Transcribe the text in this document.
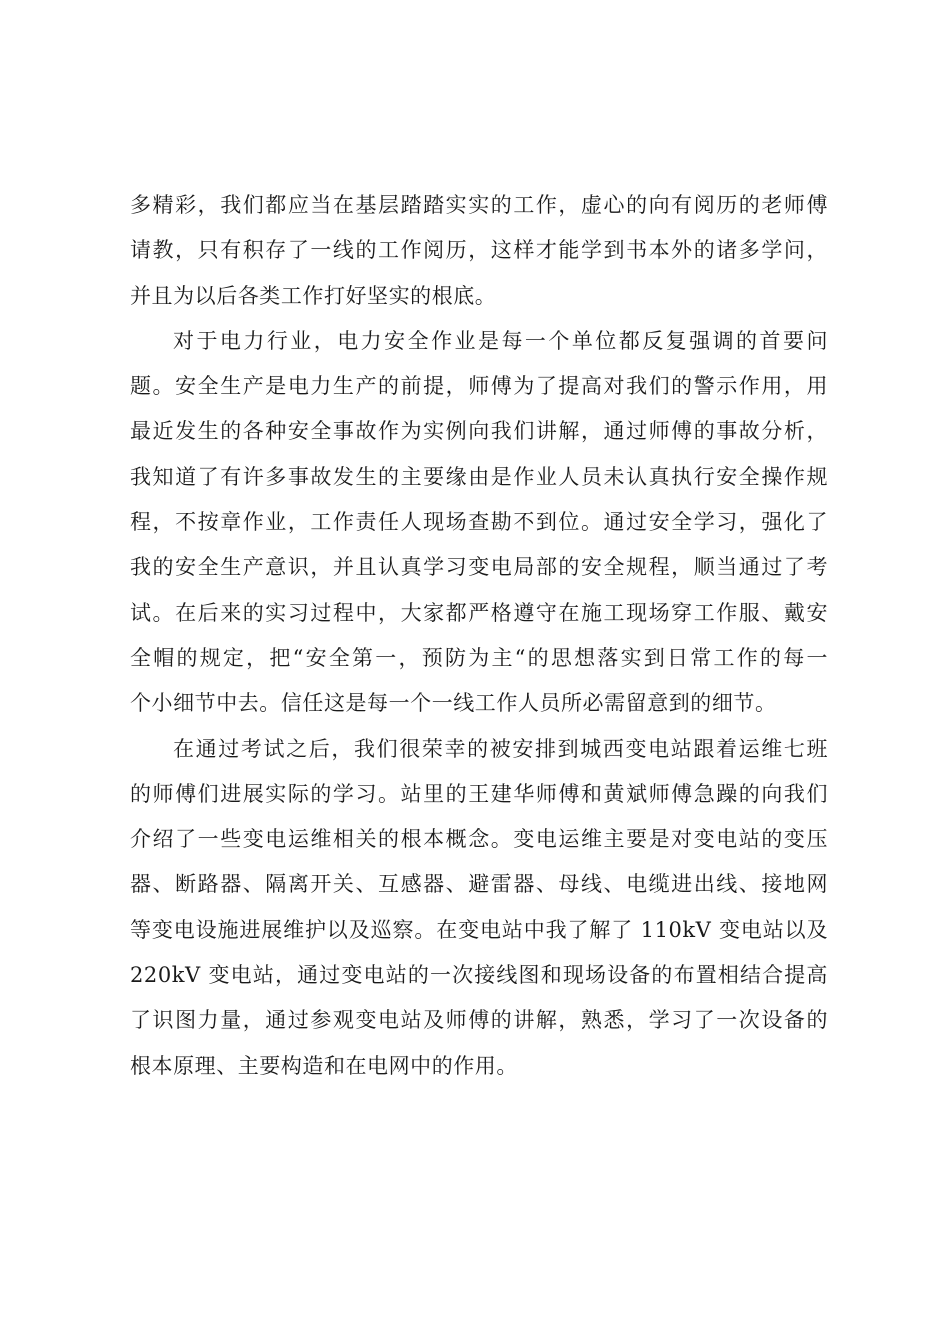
多精彩，我们都应当在基层踏踏实实的工作，虚心的向有阅历的老师傅
请教，只有积存了一线的工作阅历，这样才能学到书本外的诸多学问，
并且为以后各类工作打好坚实的根底。
对于电力行业，电力安全作业是每一个单位都反复强调的首要问
题。安全生产是电力生产的前提，师傅为了提高对我们的警示作用，用
最近发生的各种安全事故作为实例向我们讲解，通过师傅的事故分析，
我知道了有许多事故发生的主要缘由是作业人员未认真执行安全操作规
程，不按章作业，工作责任人现场查勘不到位。通过安全学习，强化了
我的安全生产意识，并且认真学习变电局部的安全规程，顺当通过了考
试。在后来的实习过程中，大家都严格遵守在施工现场穿工作服、戴安
全帽的规定，把“安全第一，预防为主“的思想落实到日常工作的每一
个小细节中去。信任这是每一个一线工作人员所必需留意到的细节。
在通过考试之后，我们很荣幸的被安排到城西变电站跟着运维七班
的师傅们进展实际的学习。站里的王建华师傅和黄斌师傅急躁的向我们
介绍了一些变电运维相关的根本概念。变电运维主要是对变电站的变压
器、断路器、隔离开关、互感器、避雷器、母线、电缆进出线、接地网
等变电设施进展维护以及巡察。在变电站中我了解了 110kV 变电站以及
220kV 变电站，通过变电站的一次接线图和现场设备的布置相结合提高
了识图力量，通过参观变电站及师傅的讲解，熟悉，学习了一次设备的
根本原理、主要构造和在电网中的作用。
